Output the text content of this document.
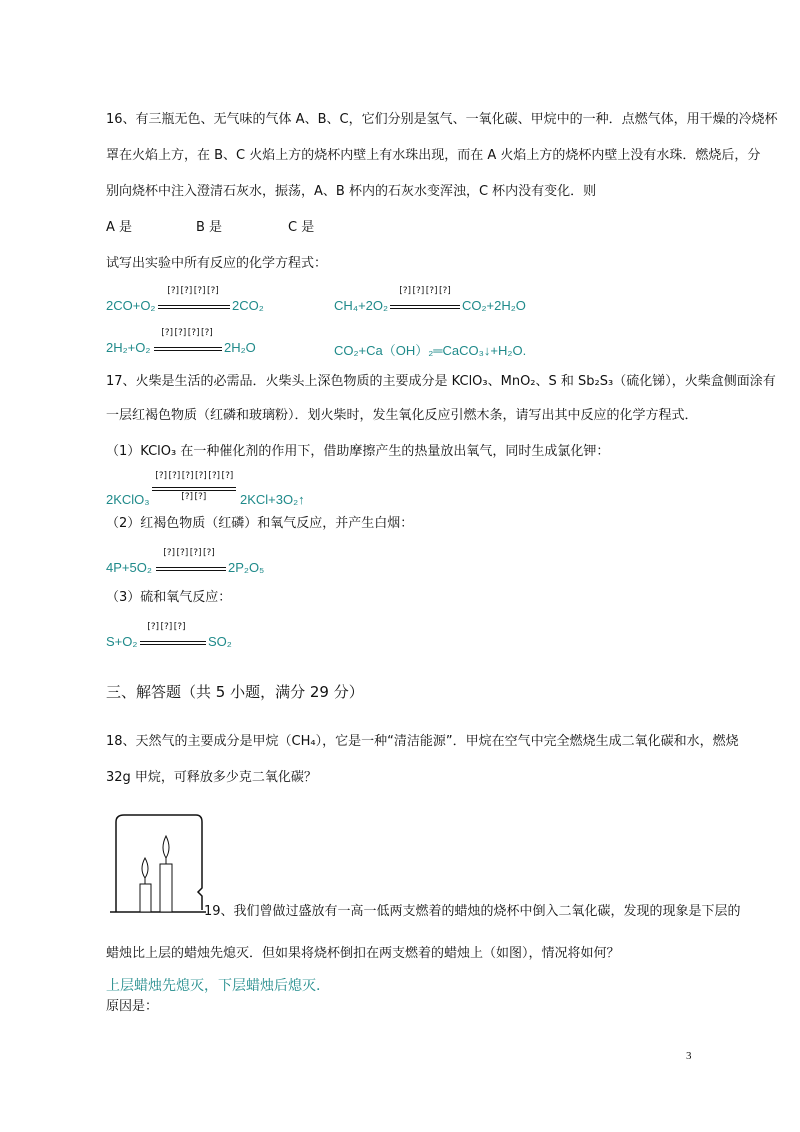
16、有三瓶无色、无气味的气体 A、B、C，它们分别是氢气、一氧化碳、甲烷中的一种．点燃气体，用干燥的冷烧杯
罩在火焰上方，在 B、C 火焰上方的烧杯内壁上有水珠出现，而在 A 火焰上方的烧杯内壁上没有水珠．燃烧后，分
别向烧杯中注入澄清石灰水，振荡，A、B 杯内的石灰水变浑浊，C 杯内没有变化．则
A 是	B 是	C 是
试写出实验中所有反应的化学方程式：
2CO+O₂
[?][?][?][?]
2CO₂	CH₄+2O₂
[?][?][?][?]
CO₂+2H₂O
2H₂+O₂
[?][?][?][?]
2H₂O	CO₂+Ca（OH）₂═CaCO₃↓+H₂O.
17、火柴是生活的必需品．火柴头上深色物质的主要成分是 KClO₃、MnO₂、S 和 Sb₂S₃（硫化锑），火柴盒侧面涂有
一层红褐色物质（红磷和玻璃粉）．划火柴时，发生氧化反应引燃木条，请写出其中反应的化学方程式．
（1）KClO₃ 在一种催化剂的作用下，借助摩擦产生的热量放出氧气，同时生成氯化钾：
[?][?][?][?][?][?]
[?][?]
2KClO₃	2KCl+3O₂↑
（2）红褐色物质（红磷）和氧气反应，并产生白烟：
4P+5O₂
[?][?][?][?]
2P₂O₅
（3）硫和氧气反应：
S+O₂
[?][?][?]
SO₂
三、解答题（共 5 小题，满分 29 分）
18、天然气的主要成分是甲烷（CH₄），它是一种“清洁能源”．甲烷在空气中完全燃烧生成二氧化碳和水，燃烧
32g 甲烷，可释放多少克二氧化碳？
19、我们曾做过盛放有一高一低两支燃着的蜡烛的烧杯中倒入二氧化碳，发现的现象是下层的
蜡烛比上层的蜡烛先熄灭．但如果将烧杯倒扣在两支燃着的蜡烛上（如图），情况将如何？
上层蜡烛先熄灭，下层蜡烛后熄灭.
原因是：
3
